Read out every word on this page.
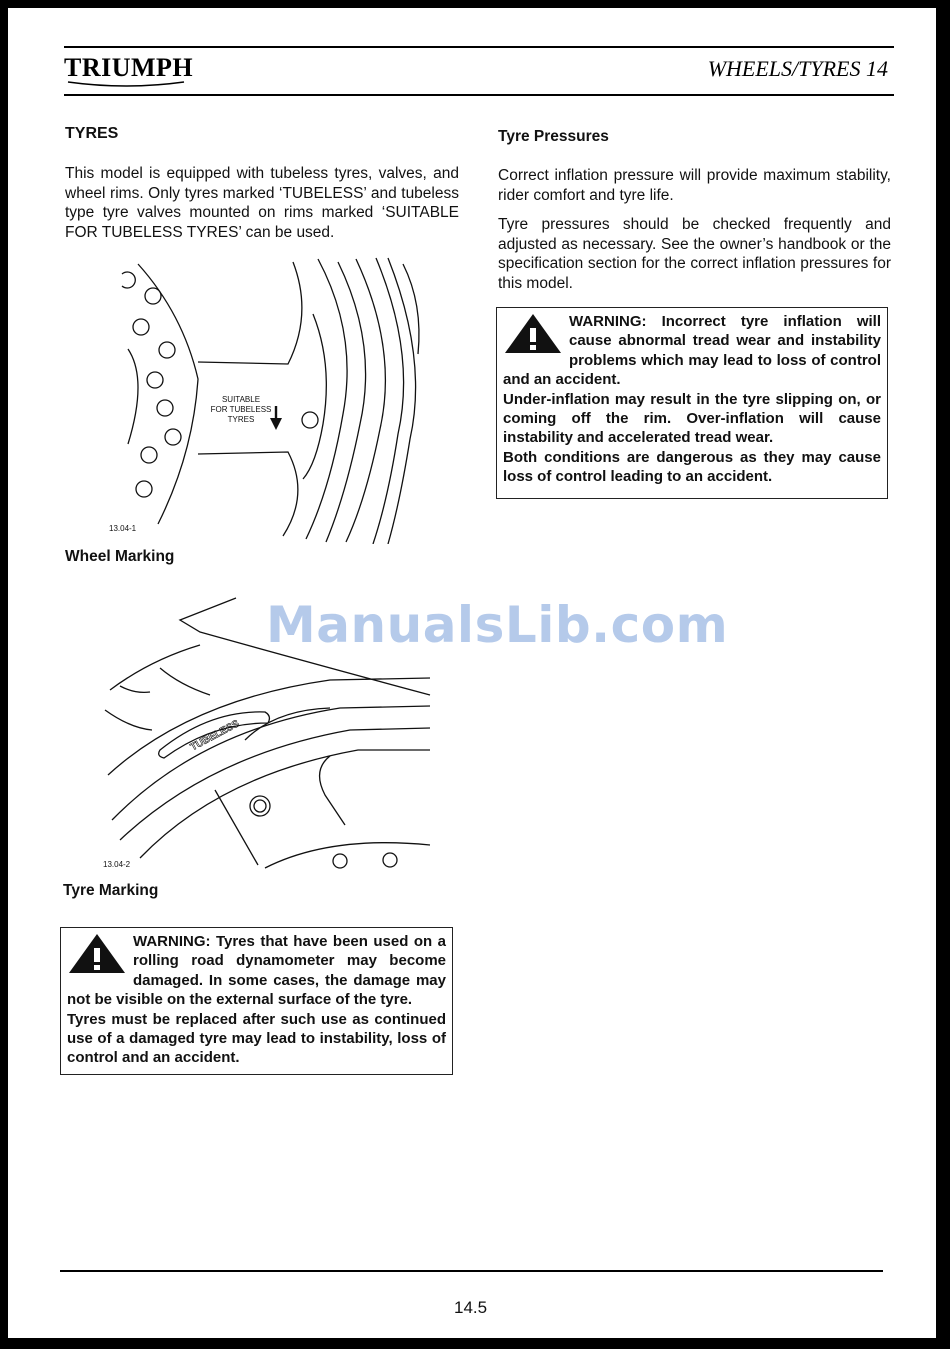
TRIUMPH	WHEELS/TYRES 14
TYRES
This model is equipped with tubeless tyres, valves, and wheel rims. Only tyres marked ‘TUBELESS’ and tubeless type tyre valves mounted on rims marked ‘SUITABLE FOR TUBELESS TYRES’ can be used.
SUITABLE
FOR TUBELESS
TYRES
13.04-1
Wheel Marking
TUBELESS
13.04-2
Tyre Marking

WARNING: Tyres that have been used on a rolling road dynamometer may become damaged. In some cases, the damage may not be visible on the external surface of the tyre.

Tyres must be replaced after such use as continued use of a damaged tyre may lead to instability, loss of control and an accident.

Tyre Pressures
Correct inflation pressure will provide maximum stability, rider comfort and tyre life.
Tyre pressures should be checked frequently and adjusted as necessary. See the owner’s handbook or the specification section for the correct inflation pressures for this model.

WARNING: Incorrect tyre inflation will cause abnormal tread wear and instability problems which may lead to loss of control and an accident.

Under-inflation may result in the tyre slipping on, or coming off the rim. Over-inflation will cause instability and accelerated tread wear.

Both conditions are dangerous as they may cause loss of control leading to an accident.

ManualsLib.com
14.5
